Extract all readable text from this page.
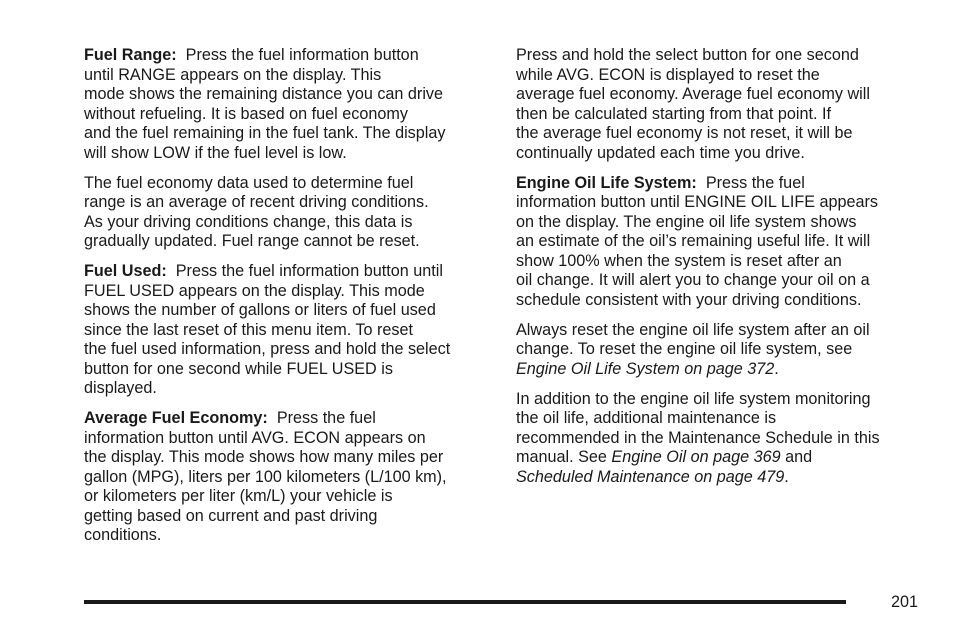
Fuel Range: Press the fuel information button
until RANGE appears on the display. This
mode shows the remaining distance you can drive
without refueling. It is based on fuel economy
and the fuel remaining in the fuel tank. The display
will show LOW if the fuel level is low.
The fuel economy data used to determine fuel
range is an average of recent driving conditions.
As your driving conditions change, this data is
gradually updated. Fuel range cannot be reset.
Fuel Used: Press the fuel information button until
FUEL USED appears on the display. This mode
shows the number of gallons or liters of fuel used
since the last reset of this menu item. To reset
the fuel used information, press and hold the select
button for one second while FUEL USED is
displayed.
Average Fuel Economy: Press the fuel
information button until AVG. ECON appears on
the display. This mode shows how many miles per
gallon (MPG), liters per 100 kilometers (L/100 km),
or kilometers per liter (km/L) your vehicle is
getting based on current and past driving
conditions.
Press and hold the select button for one second
while AVG. ECON is displayed to reset the
average fuel economy. Average fuel economy will
then be calculated starting from that point. If
the average fuel economy is not reset, it will be
continually updated each time you drive.
Engine Oil Life System: Press the fuel
information button until ENGINE OIL LIFE appears
on the display. The engine oil life system shows
an estimate of the oil’s remaining useful life. It will
show 100% when the system is reset after an
oil change. It will alert you to change your oil on a
schedule consistent with your driving conditions.
Always reset the engine oil life system after an oil
change. To reset the engine oil life system, see
Engine Oil Life System on page 372.
In addition to the engine oil life system monitoring
the oil life, additional maintenance is
recommended in the Maintenance Schedule in this
manual. See Engine Oil on page 369 and
Scheduled Maintenance on page 479.
201
